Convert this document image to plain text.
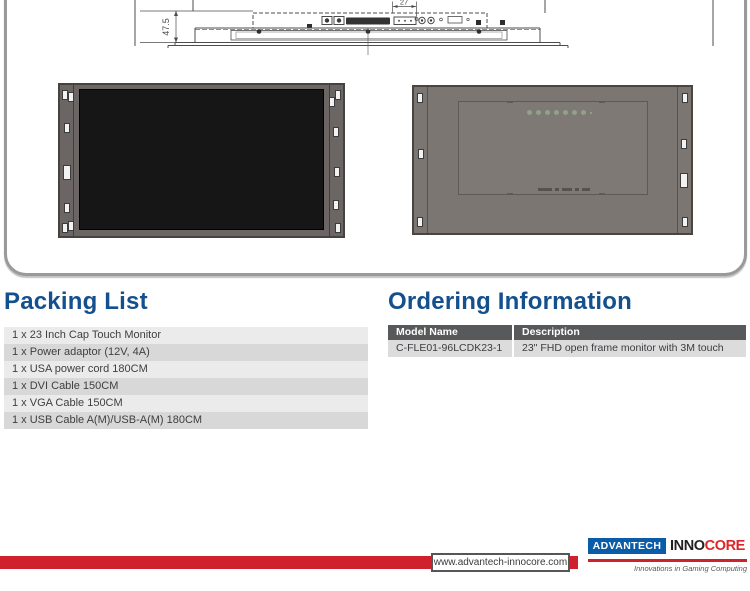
47.5
27
Packing List
1 x 23 Inch Cap Touch Monitor
1 x Power adaptor (12V, 4A)
1 x USA power cord 180CM
1 x DVI Cable 150CM
1 x VGA Cable 150CM
1 x USB Cable A(M)/USB-A(M) 180CM
Ordering Information
Model Name	Description
C-FLE01-96LCDK23-1	23" FHD open frame monitor with 3M touch
www.advantech-innocore.com
ADVANTECH INNOCORE
Innovations in Gaming Computing
